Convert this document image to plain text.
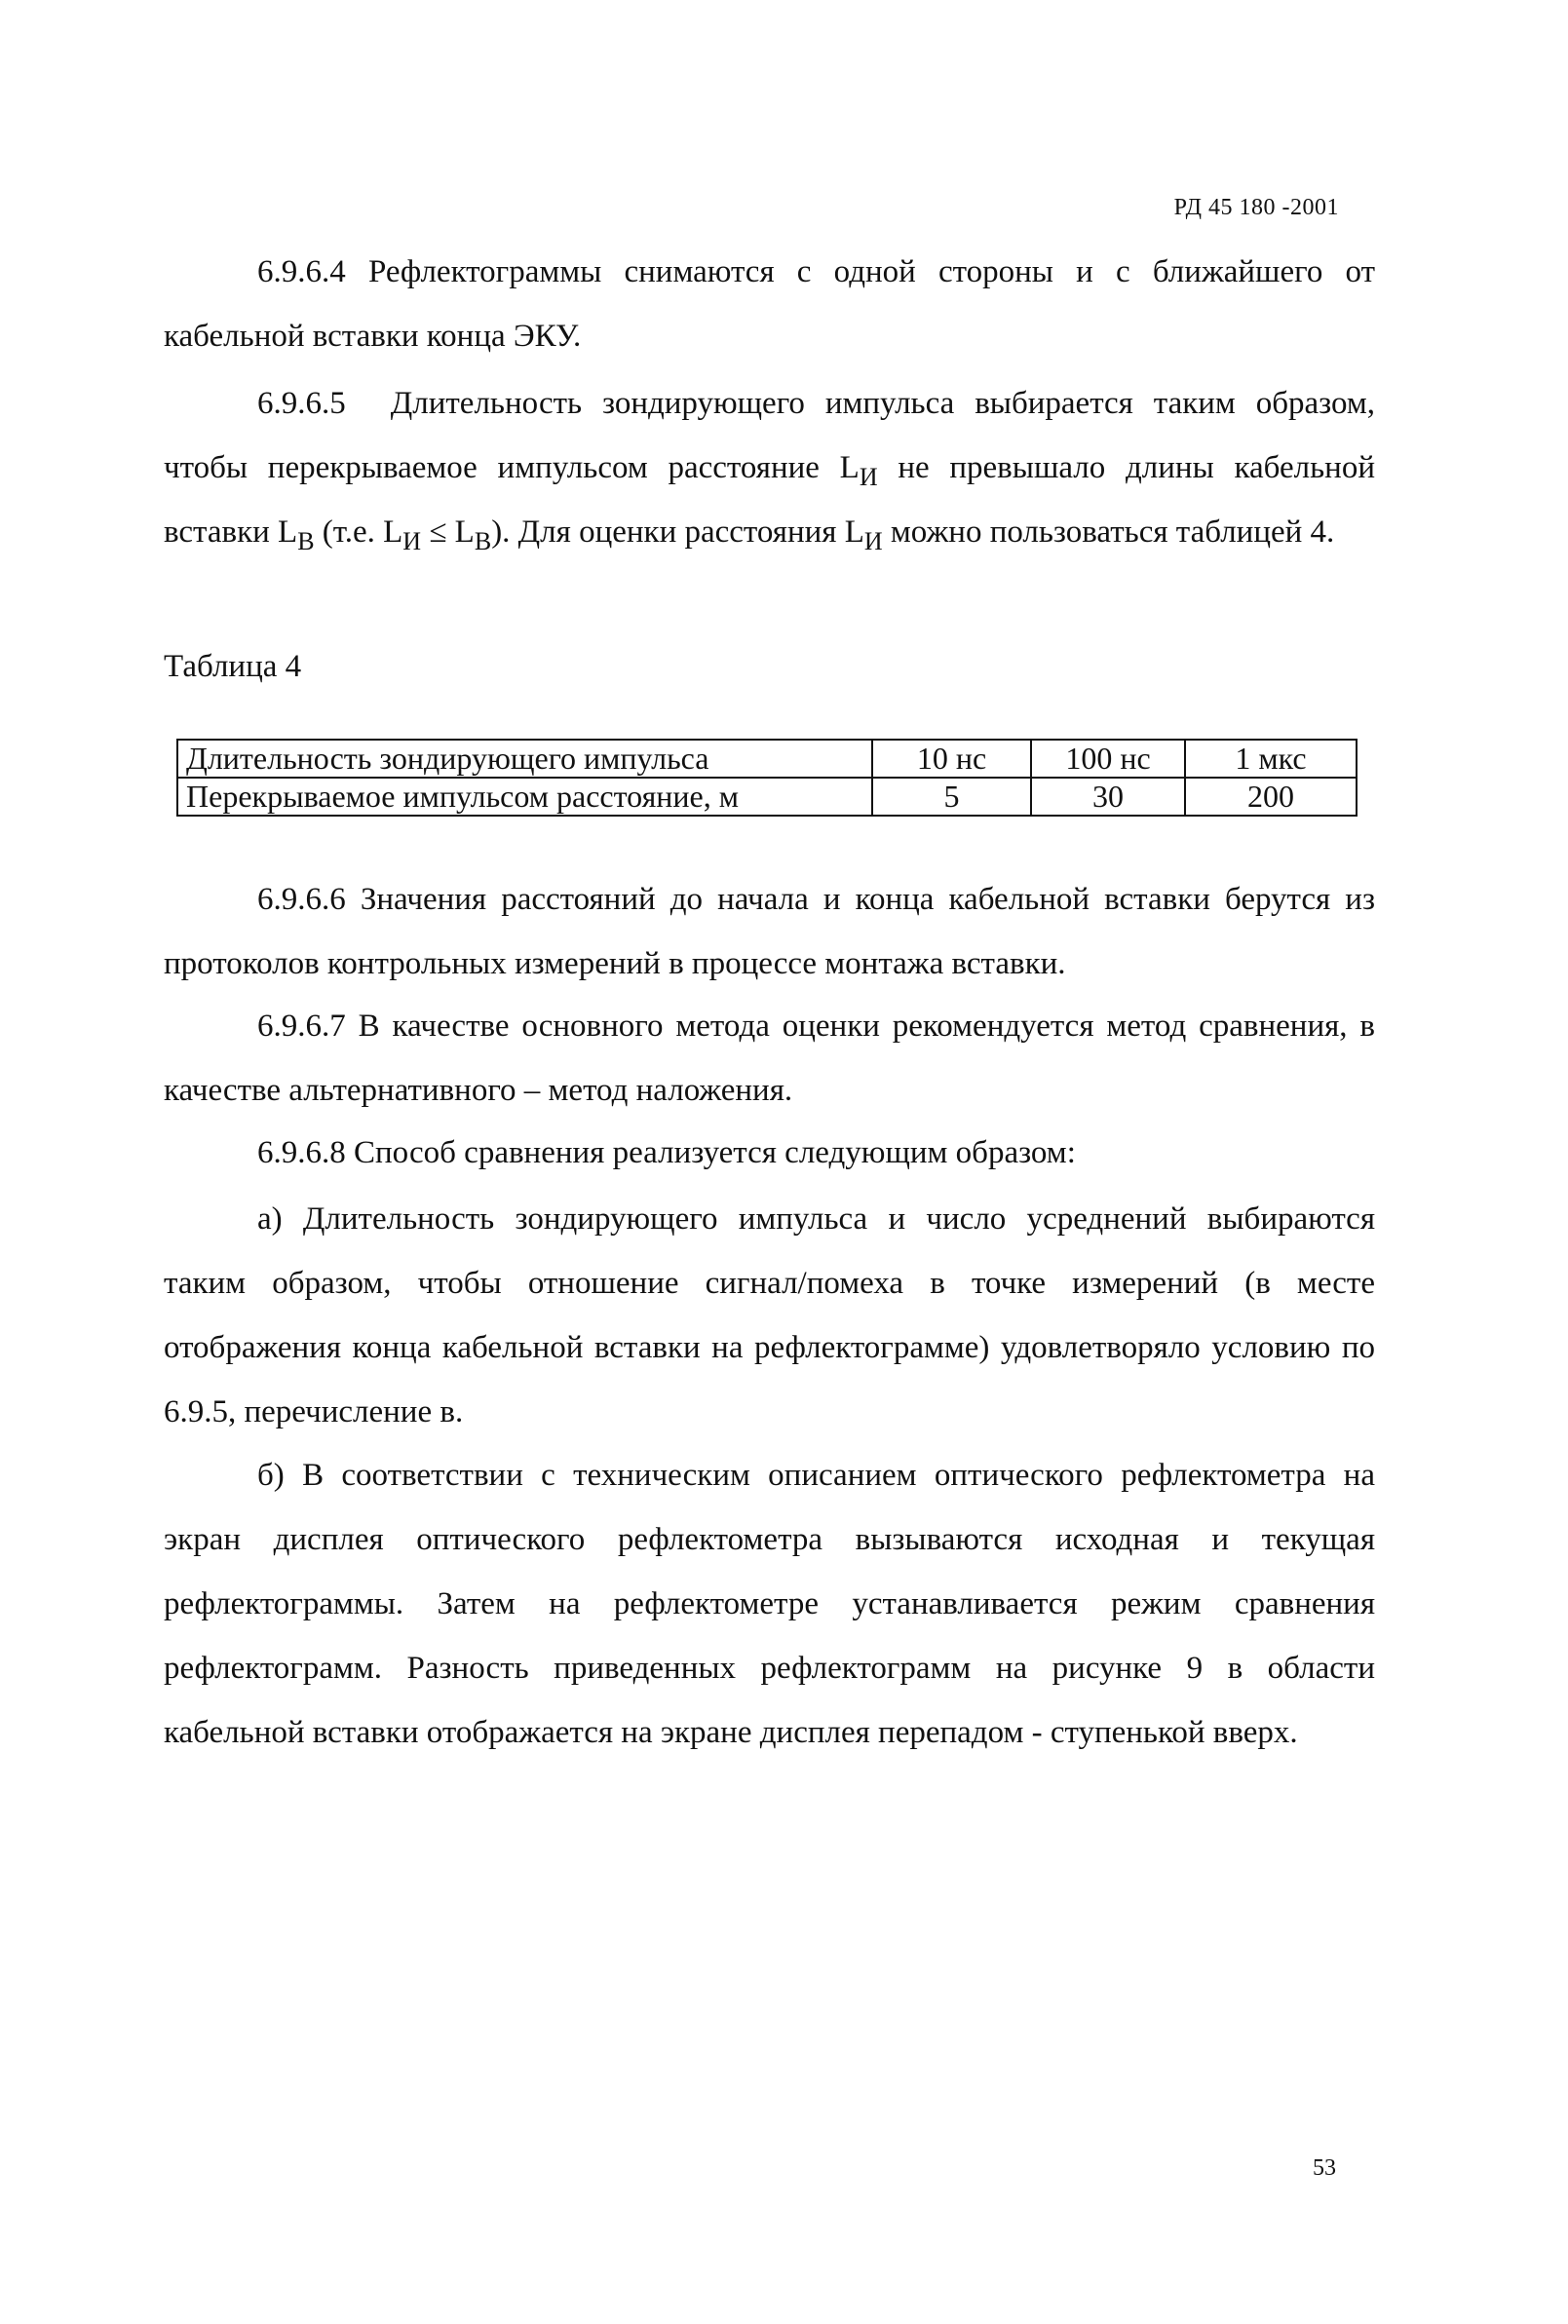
РД 45 180 -2001

6.9.6.4 Рефлектограммы снимаются с одной стороны и с ближайшего от кабельной вставки конца ЭКУ.

6.9.6.5 Длительность зондирующего импульса выбирается таким образом, чтобы перекрываемое импульсом расстояние $L_И$ не превышало длины кабельной вставки $L_В$ (т.е. $L_И \le L_В$). Для оценки расстояния $L_И$ можно пользоваться таблицей 4.

Таблица 4
Длительность зондирующего импульса	10 нс	100 нс	1 мкс
Перекрываемое импульсом расстояние, м	5	30	200

6.9.6.6 Значения расстояний до начала и конца кабельной вставки берутся из протоколов контрольных измерений в процессе монтажа вставки.

6.9.6.7 В качестве основного метода оценки рекомендуется метод сравнения, в качестве альтернативного – метод наложения.

6.9.6.8 Способ сравнения реализуется следующим образом:

а) Длительность зондирующего импульса и число усреднений выбираются таким образом, чтобы отношение сигнал/помеха в точке измерений (в месте отображения конца кабельной вставки на рефлектограмме) удовлетворяло условию по 6.9.5, перечисление в.

б) В соответствии с техническим описанием оптического рефлектометра на экран дисплея оптического рефлектометра вызываются исходная и текущая рефлектограммы. Затем на рефлектометре устанавливается режим сравнения рефлектограмм. Разность приведенных рефлектограмм на рисунке 9 в области кабельной вставки отображается на экране дисплея перепадом - ступенькой вверх.

53
